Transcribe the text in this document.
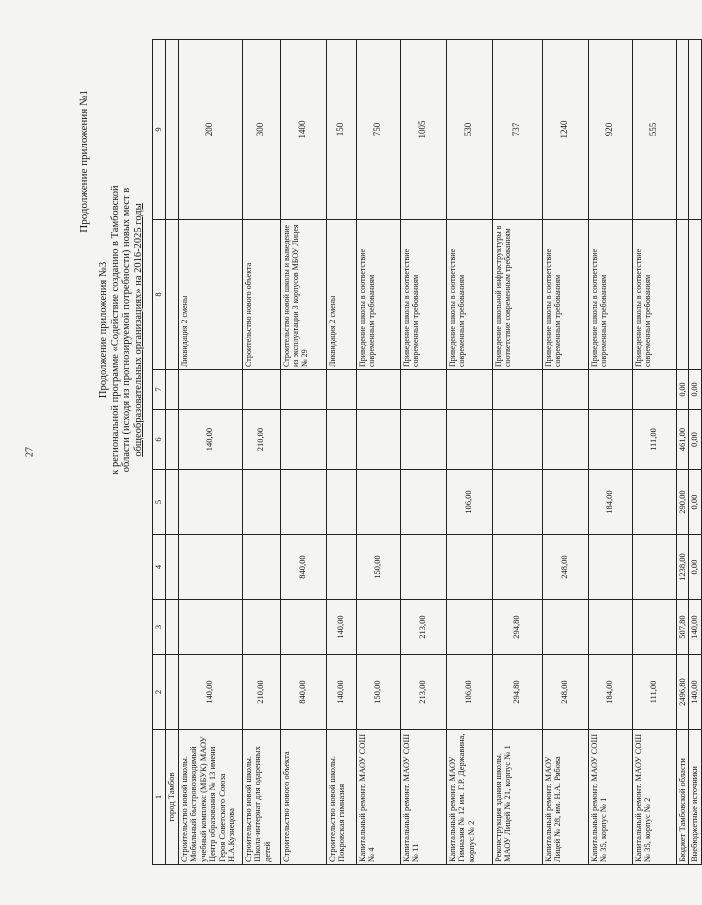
27
Продолжение приложения №1
Продолжение приложения №3 к региональной программе «Содействие созданию в Тамбовской области (исходя из прогнозируемой потребности) новых мест в общеобразовательных организациях» на 2016-2025 годы
1	2	3	4	5	6	7	8	9
город Тамбов								
Строительство новой школы. Мобильный быстровозводимый учебный комплекс (МБУК) МАОУ Центр образования № 13 имени Героя Советского Союза Н.А.Кузнецова	140,00				140,00		Ликвидация 2 смены	200
Строительство новой школы. Школа-интернат для одаренных детей	210,00				210,00		Строительство нового объекта	300
Строительство нового объекта	840,00		840,00				Строительство новой школы и выведение из эксплуатации 3 корпусов МБОУ Лицея № 29	1400
Строительство новой школы. Покровская гимназия	140,00	140,00					Ликвидация 2 смены	150
Капитальный ремонт. МАОУ СОШ № 4	150,00		150,00				Приведение школы в соответствие современным требованиям	750
Капитальный ремонт. МАОУ СОШ № 11	213,00	213,00					Приведение школы в соответствие современным требованиям	1005
Капитальный ремонт. МАОУ Гимназия № 12 им. Г.Р. Державина, корпус № 2	106,00			106,00			Приведение школы в соответствие современным требованиям	530
Реконструкция здания школы. МАОУ Лицей № 21, корпус № 1	294,80	294,80					Приведение школьной инфраструктуры в соответствие современным требованиям	737
Капитальный ремонт. МАОУ Лицей № 28, им. Н.А. Рябова	248,00		248,00				Приведение школы в соответствие современным требованиям	1240
Капитальный ремонт. МАОУ СОШ № 35, корпус № 1	184,00			184,00			Приведение школы в соответствие современным требованиям	920
Капитальный ремонт. МАОУ СОШ № 35, корпус № 2	111,00				111,00		Приведение школы в соответствие современным требованиям	555
Бюджет Тамбовской области	2496,80	507,80	1238,00	290,00	461,00	0,00		
Внебюджетные источники	140,00	140,00	0,00	0,00	0,00	0,00		
